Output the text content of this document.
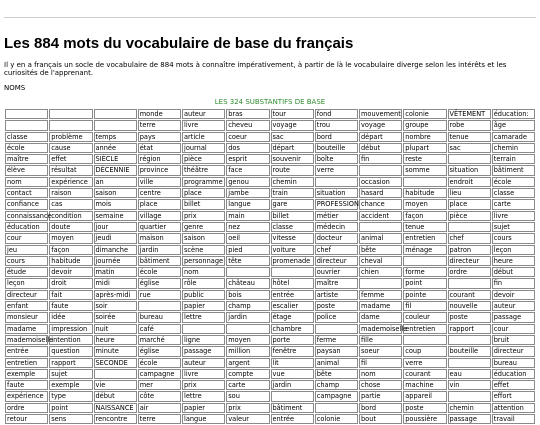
Les 884 mots du vocabulaire de base du français

Il y en a français un socle de vocabulaire de 884 mots à connaître impérativement, à partir de là le vocabulaire diverge selon les intérêts et les curiosités de l'apprenant.

NOMS

LES 324 SUBSTANTIFS DE BASE
			monde	auteur	bras	tour	fond	mouvement	colonie	VÊTEMENT	éducation:
			terre	livre	cheveu	voyage	trou	voyage	groupe	robe	âge
classe	problème	temps	pays	article	coeur	sac	bord	départ	nombre	tenue	camarade
école	cause	année	état	journal	dos	départ	bouteille	début	plupart	sac	chemin
maître	effet	SIÈCLE	région	pièce	esprit	souvenir	boîte	fin	reste		terrain
élève	résultat	DÉCENNIE	province	théâtre	face	route	verre		somme	situation	bâtiment
nom	expérience	an	ville	programme	genou	chemin		occasion		endroit	école
contact	raison	saison	centre	place	jambe	train	situation	hasard	habitude	lieu	classe
confiance	cas	mois	place	billet	langue	gare	PROFESSION	chance	moyen	place	carte
connaissance	condition	semaine	village	prix	main	billet	métier	accident	façon	pièce	livre
éducation	doute	jour	quartier	genre	nez	classe	médecin		tenue		sujet
cour	moyen	jeudi	maison	saison	oeil	vitesse	docteur	animal	entretien	chef	cours
jeu	façon	dimanche	jardin	scène	pied	voiture	chef	bête	ménage	patron	leçon
cours	habitude	journée	bâtiment	personnage	tête	promenade	directeur	cheval		directeur	heure
étude	devoir	matin	école	nom			ouvrier	chien	forme	ordre	début
leçon	droit	midi	église	rôle	château	hôtel	maître		point		fin
directeur	fait	après-midi	rue	public	bois	entrée	artiste	femme	pointe	courant	devoir
enfant	faute	soir		papier	champ	escalier	poste	madame	fil	nouvelle	auteur
monsieur	idée	soirée	bureau	lettre	jardin	étage	police	dame	couleur	poste	passage
madame	impression	nuit	café			chambre		mademoiselle	entretien	rapport	cour
mademoiselle	intention	heure	marché	ligne	moyen	porte	ferme	fille			bruit
entrée	question	minute	église	passage	million	fenêtre	paysan	soeur	coup	bouteille	directeur
entretien	rapport	SECONDE	école	auteur	argent	lit	animal	fil	verre		bureau
exemple	sujet		campagne	livre	compte	vue	bête	nom	courant	eau	éducation
faute	exemple	vie	mer	prix	carte	jardin	champ	chose	machine	vin	effet
expérience	type	début	côte	lettre	sou		campagne	partie	appareil		effort
ordre	point	NAISSANCE	air	papier	prix	bâtiment		bord	poste	chemin	attention
retour	sens	rencontre	terre	langue	valeur	entrée	colonie	bout	poussière	passage	travail
